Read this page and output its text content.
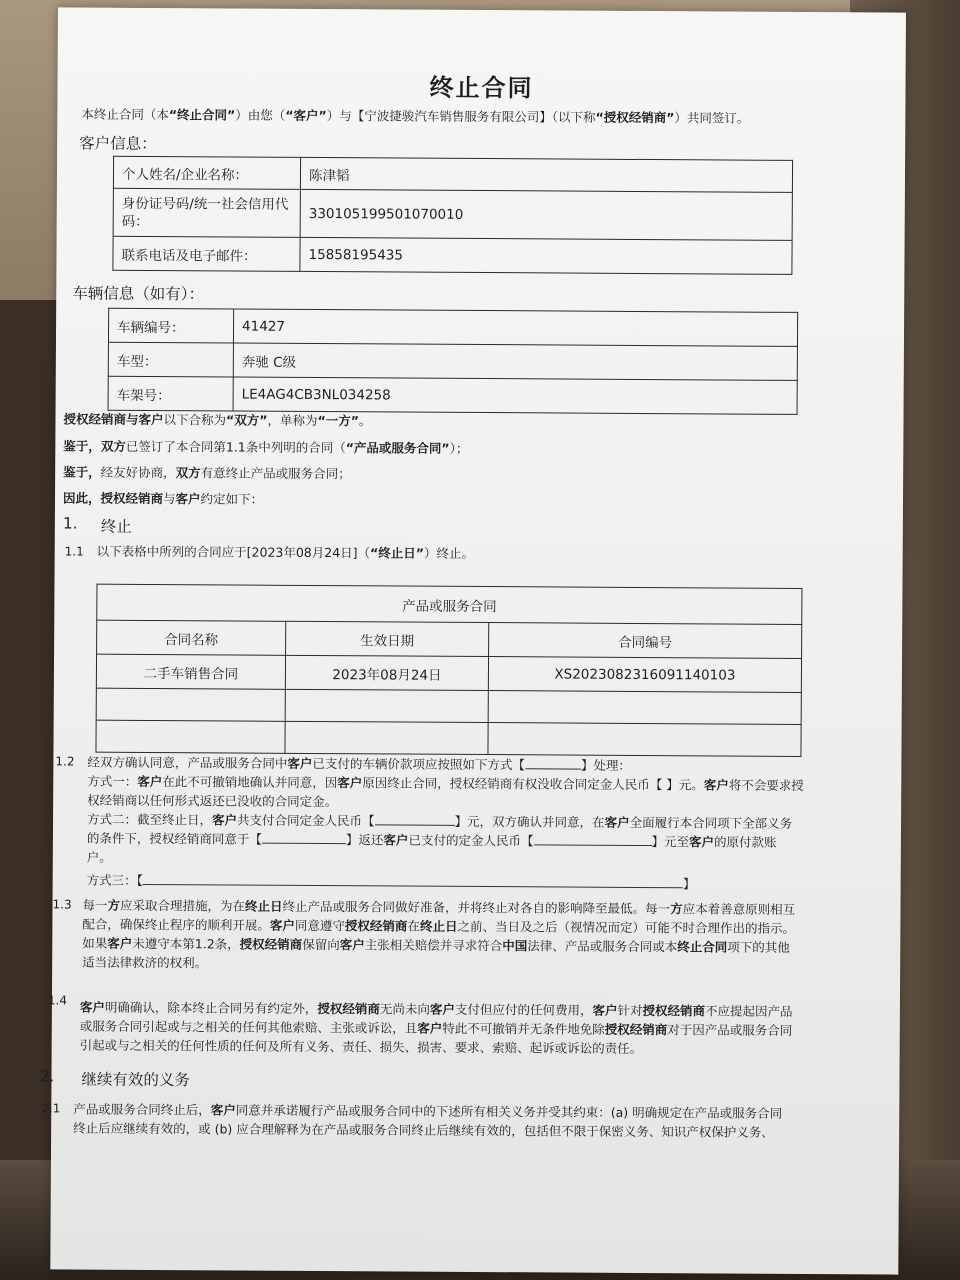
终止合同
本终止合同（本“终止合同”）由您（“客户”）与【宁波捷骏汽车销售服务有限公司】（以下称“授权经销商”）共同签订。
客户信息：
个人姓名/企业名称：	陈津韬
身份证号码/统一社会信用代码：	330105199501070010
联系电话及电子邮件：	15858195435
车辆信息（如有）：
车辆编号：	41427
车型：	奔驰 C级
车架号：	LE4AG4CB3NL034258
授权经销商与客户以下合称为“双方”，单称为“一方”。
鉴于，双方已签订了本合同第1.1条中列明的合同（“产品或服务合同”）；
鉴于，经友好协商，双方有意终止产品或服务合同；
因此，授权经销商与客户约定如下：
1. 终止
1.1 以下表格中所列的合同应于[2023年08月24日]（“终止日”）终止。
产品或服务合同		
合同名称	生效日期	合同编号
二手车销售合同	2023年08月24日	XS2023082316091140103

1.2 经双方确认同意，产品或服务合同中客户已支付的车辆价款项应按照如下方式【	】处理：
方式一：客户在此不可撤销地确认并同意，因客户原因终止合同，授权经销商有权没收合同定金人民币【 】元。客户将不会要求授
权经销商以任何形式返还已没收的合同定金。
方式二：截至终止日，客户共支付合同定金人民币【	】元，双方确认并同意，在客户全面履行本合同项下全部义务
的条件下，授权经销商同意于【	】返还客户已支付的定金人民币【	】元至客户的原付款账
户。
方式三：【	】
1.3 每一方应采取合理措施，为在终止日终止产品或服务合同做好准备，并将终止对各自的影响降至最低。每一方应本着善意原则相互
配合，确保终止程序的顺利开展。客户同意遵守授权经销商在终止日之前、当日及之后（视情况而定）可能不时合理作出的指示。
如果客户未遵守本第1.2条，授权经销商保留向客户主张相关赔偿并寻求符合中国法律、产品或服务合同或本终止合同项下的其他
适当法律救济的权利。
1.4 客户明确确认，除本终止合同另有约定外，授权经销商无尚未向客户支付但应付的任何费用，客户针对授权经销商不应提起因产品
或服务合同引起或与之相关的任何其他索赔、主张或诉讼，且客户特此不可撤销并无条件地免除授权经销商对于因产品或服务合同
引起或与之相关的任何性质的任何及所有义务、责任、损失、损害、要求、索赔、起诉或诉讼的责任。
2. 继续有效的义务
2.1 产品或服务合同终止后，客户同意并承诺履行产品或服务合同中的下述所有相关义务并受其约束：(a) 明确规定在产品或服务合同
终止后应继续有效的，或 (b) 应合理解释为在产品或服务合同终止后继续有效的，包括但不限于保密义务、知识产权保护义务、
